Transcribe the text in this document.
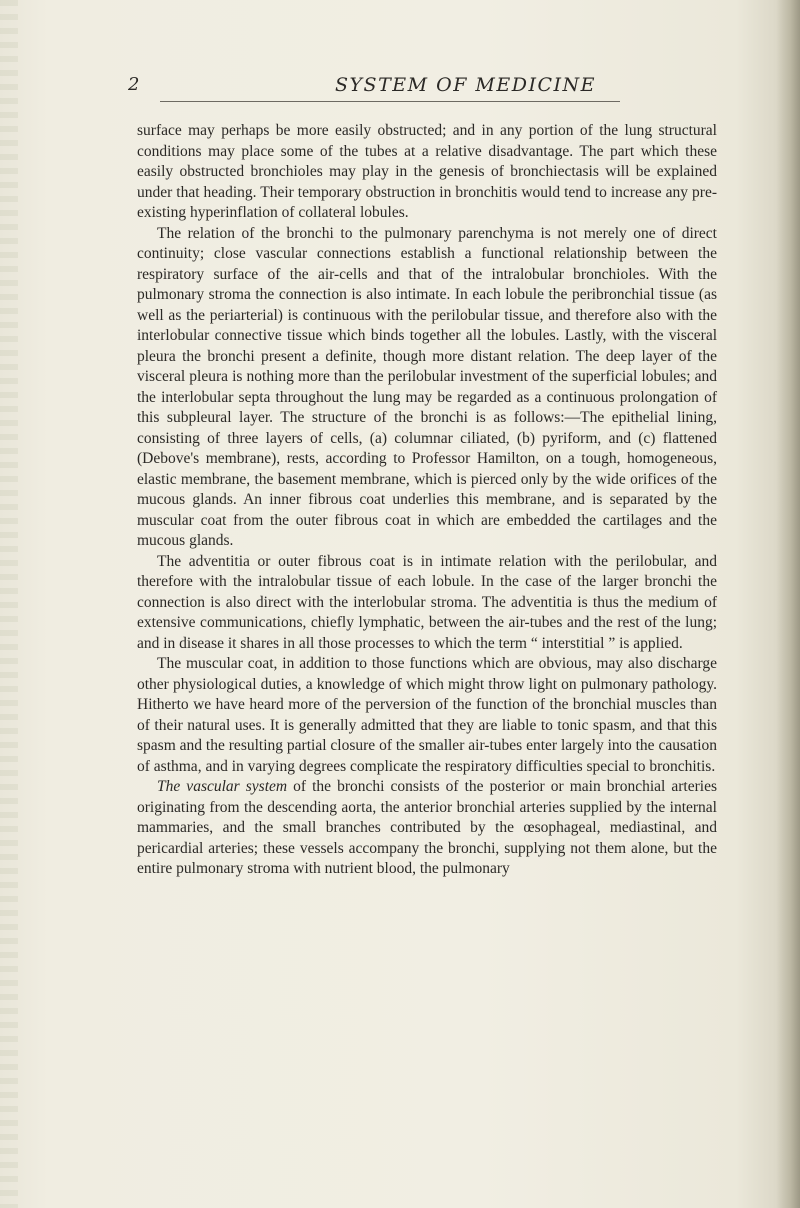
2	SYSTEM OF MEDICINE

surface may perhaps be more easily obstructed; and in any portion of the lung structural conditions may place some of the tubes at a relative disadvantage. The part which these easily obstructed bronchioles may play in the genesis of bronchiectasis will be explained under that heading. Their temporary obstruction in bronchitis would tend to increase any pre-existing hyperinflation of collateral lobules.

The relation of the bronchi to the pulmonary parenchyma is not merely one of direct continuity; close vascular connections establish a functional relationship between the respiratory surface of the air-cells and that of the intralobular bronchioles. With the pulmonary stroma the connection is also intimate. In each lobule the peribronchial tissue (as well as the periarterial) is continuous with the perilobular tissue, and therefore also with the interlobular connective tissue which binds together all the lobules. Lastly, with the visceral pleura the bronchi present a definite, though more distant relation. The deep layer of the visceral pleura is nothing more than the perilobular investment of the superficial lobules; and the interlobular septa throughout the lung may be regarded as a continuous prolongation of this subpleural layer. The structure of the bronchi is as follows:—The epithelial lining, consisting of three layers of cells, (a) columnar ciliated, (b) pyriform, and (c) flattened (Debove's membrane), rests, according to Professor Hamilton, on a tough, homogeneous, elastic membrane, the basement membrane, which is pierced only by the wide orifices of the mucous glands. An inner fibrous coat underlies this membrane, and is separated by the muscular coat from the outer fibrous coat in which are embedded the cartilages and the mucous glands.

The adventitia or outer fibrous coat is in intimate relation with the perilobular, and therefore with the intralobular tissue of each lobule. In the case of the larger bronchi the connection is also direct with the interlobular stroma. The adventitia is thus the medium of extensive communications, chiefly lymphatic, between the air-tubes and the rest of the lung; and in disease it shares in all those processes to which the term “ interstitial ” is applied.

The muscular coat, in addition to those functions which are obvious, may also discharge other physiological duties, a knowledge of which might throw light on pulmonary pathology. Hitherto we have heard more of the perversion of the function of the bronchial muscles than of their natural uses. It is generally admitted that they are liable to tonic spasm, and that this spasm and the resulting partial closure of the smaller air-tubes enter largely into the causation of asthma, and in varying degrees complicate the respiratory difficulties special to bronchitis.

The vascular system of the bronchi consists of the posterior or main bronchial arteries originating from the descending aorta, the anterior bronchial arteries supplied by the internal mammaries, and the small branches contributed by the œsophageal, mediastinal, and pericardial arteries; these vessels accompany the bronchi, supplying not them alone, but the entire pulmonary stroma with nutrient blood, the pulmonary
